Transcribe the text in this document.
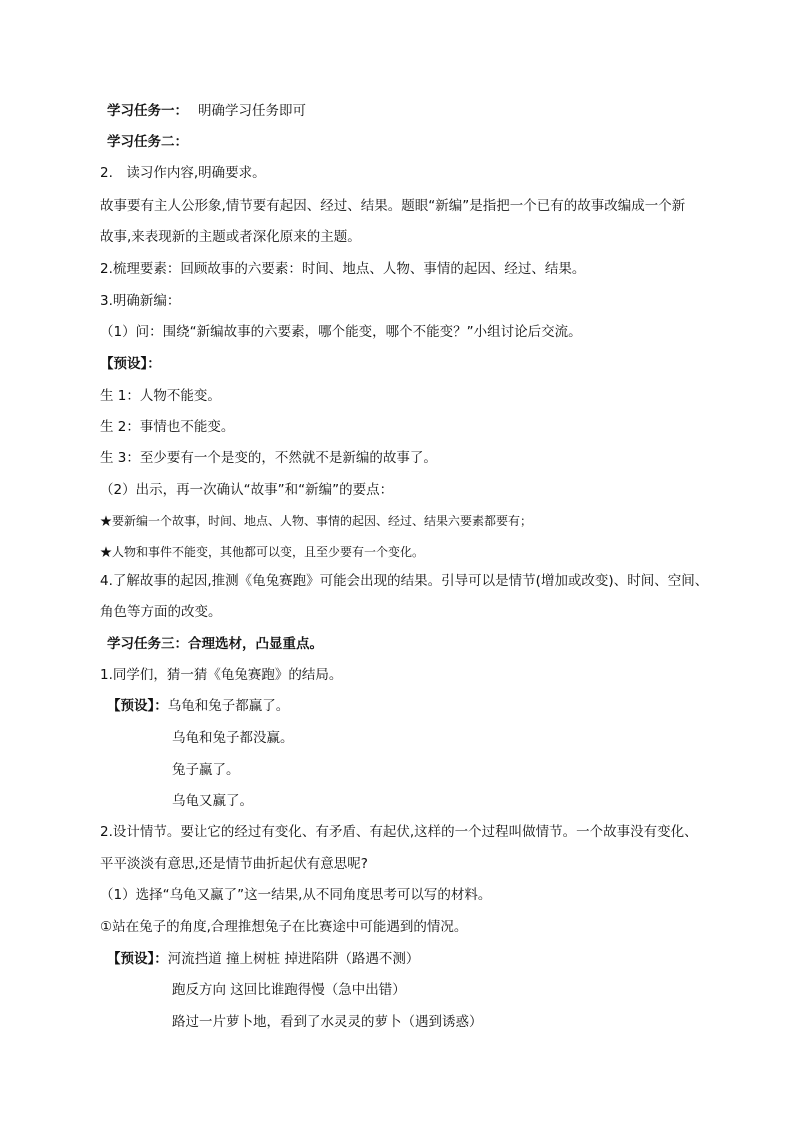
学习任务一： 明确学习任务即可
学习任务二：
2.　读习作内容,明确要求。
故事要有主人公形象,情节要有起因、经过、结果。题眼“新编”是指把一个已有的故事改编成一个新
故事,来表现新的主题或者深化原来的主题。
2.梳理要素：回顾故事的六要素：时间、地点、人物、事情的起因、经过、结果。
3.明确新编：
（1）问：围绕“新编故事的六要素，哪个能变，哪个不能变？”小组讨论后交流。
【预设】：
生 1：人物不能变。
生 2：事情也不能变。
生 3：至少要有一个是变的，不然就不是新编的故事了。
（2）出示，再一次确认“故事”和“新编”的要点：
★要新编一个故事，时间、地点、人物、事情的起因、经过、结果六要素都要有；
★人物和事件不能变，其他都可以变，且至少要有一个变化。
4.了解故事的起因,推测《龟兔赛跑》可能会出现的结果。引导可以是情节(增加或改变)、时间、空间、
角色等方面的改变。
学习任务三：合理选材，凸显重点。
1.同学们，猜一猜《龟兔赛跑》的结局。
【预设】：乌龟和兔子都赢了。
乌龟和兔子都没赢。
兔子赢了。
乌龟又赢了。
2.设计情节。要让它的经过有变化、有矛盾、有起伏,这样的一个过程叫做情节。一个故事没有变化、
平平淡淡有意思,还是情节曲折起伏有意思呢?
（1）选择“乌龟又赢了”这一结果,从不同角度思考可以写的材料。
①站在兔子的角度,合理推想兔子在比赛途中可能遇到的情况。
【预设】：河流挡道 撞上树桩 掉进陷阱（路遇不测）
跑反方向 这回比谁跑得慢（急中出错）
路过一片萝卜地，看到了水灵灵的萝卜（遇到诱惑）
